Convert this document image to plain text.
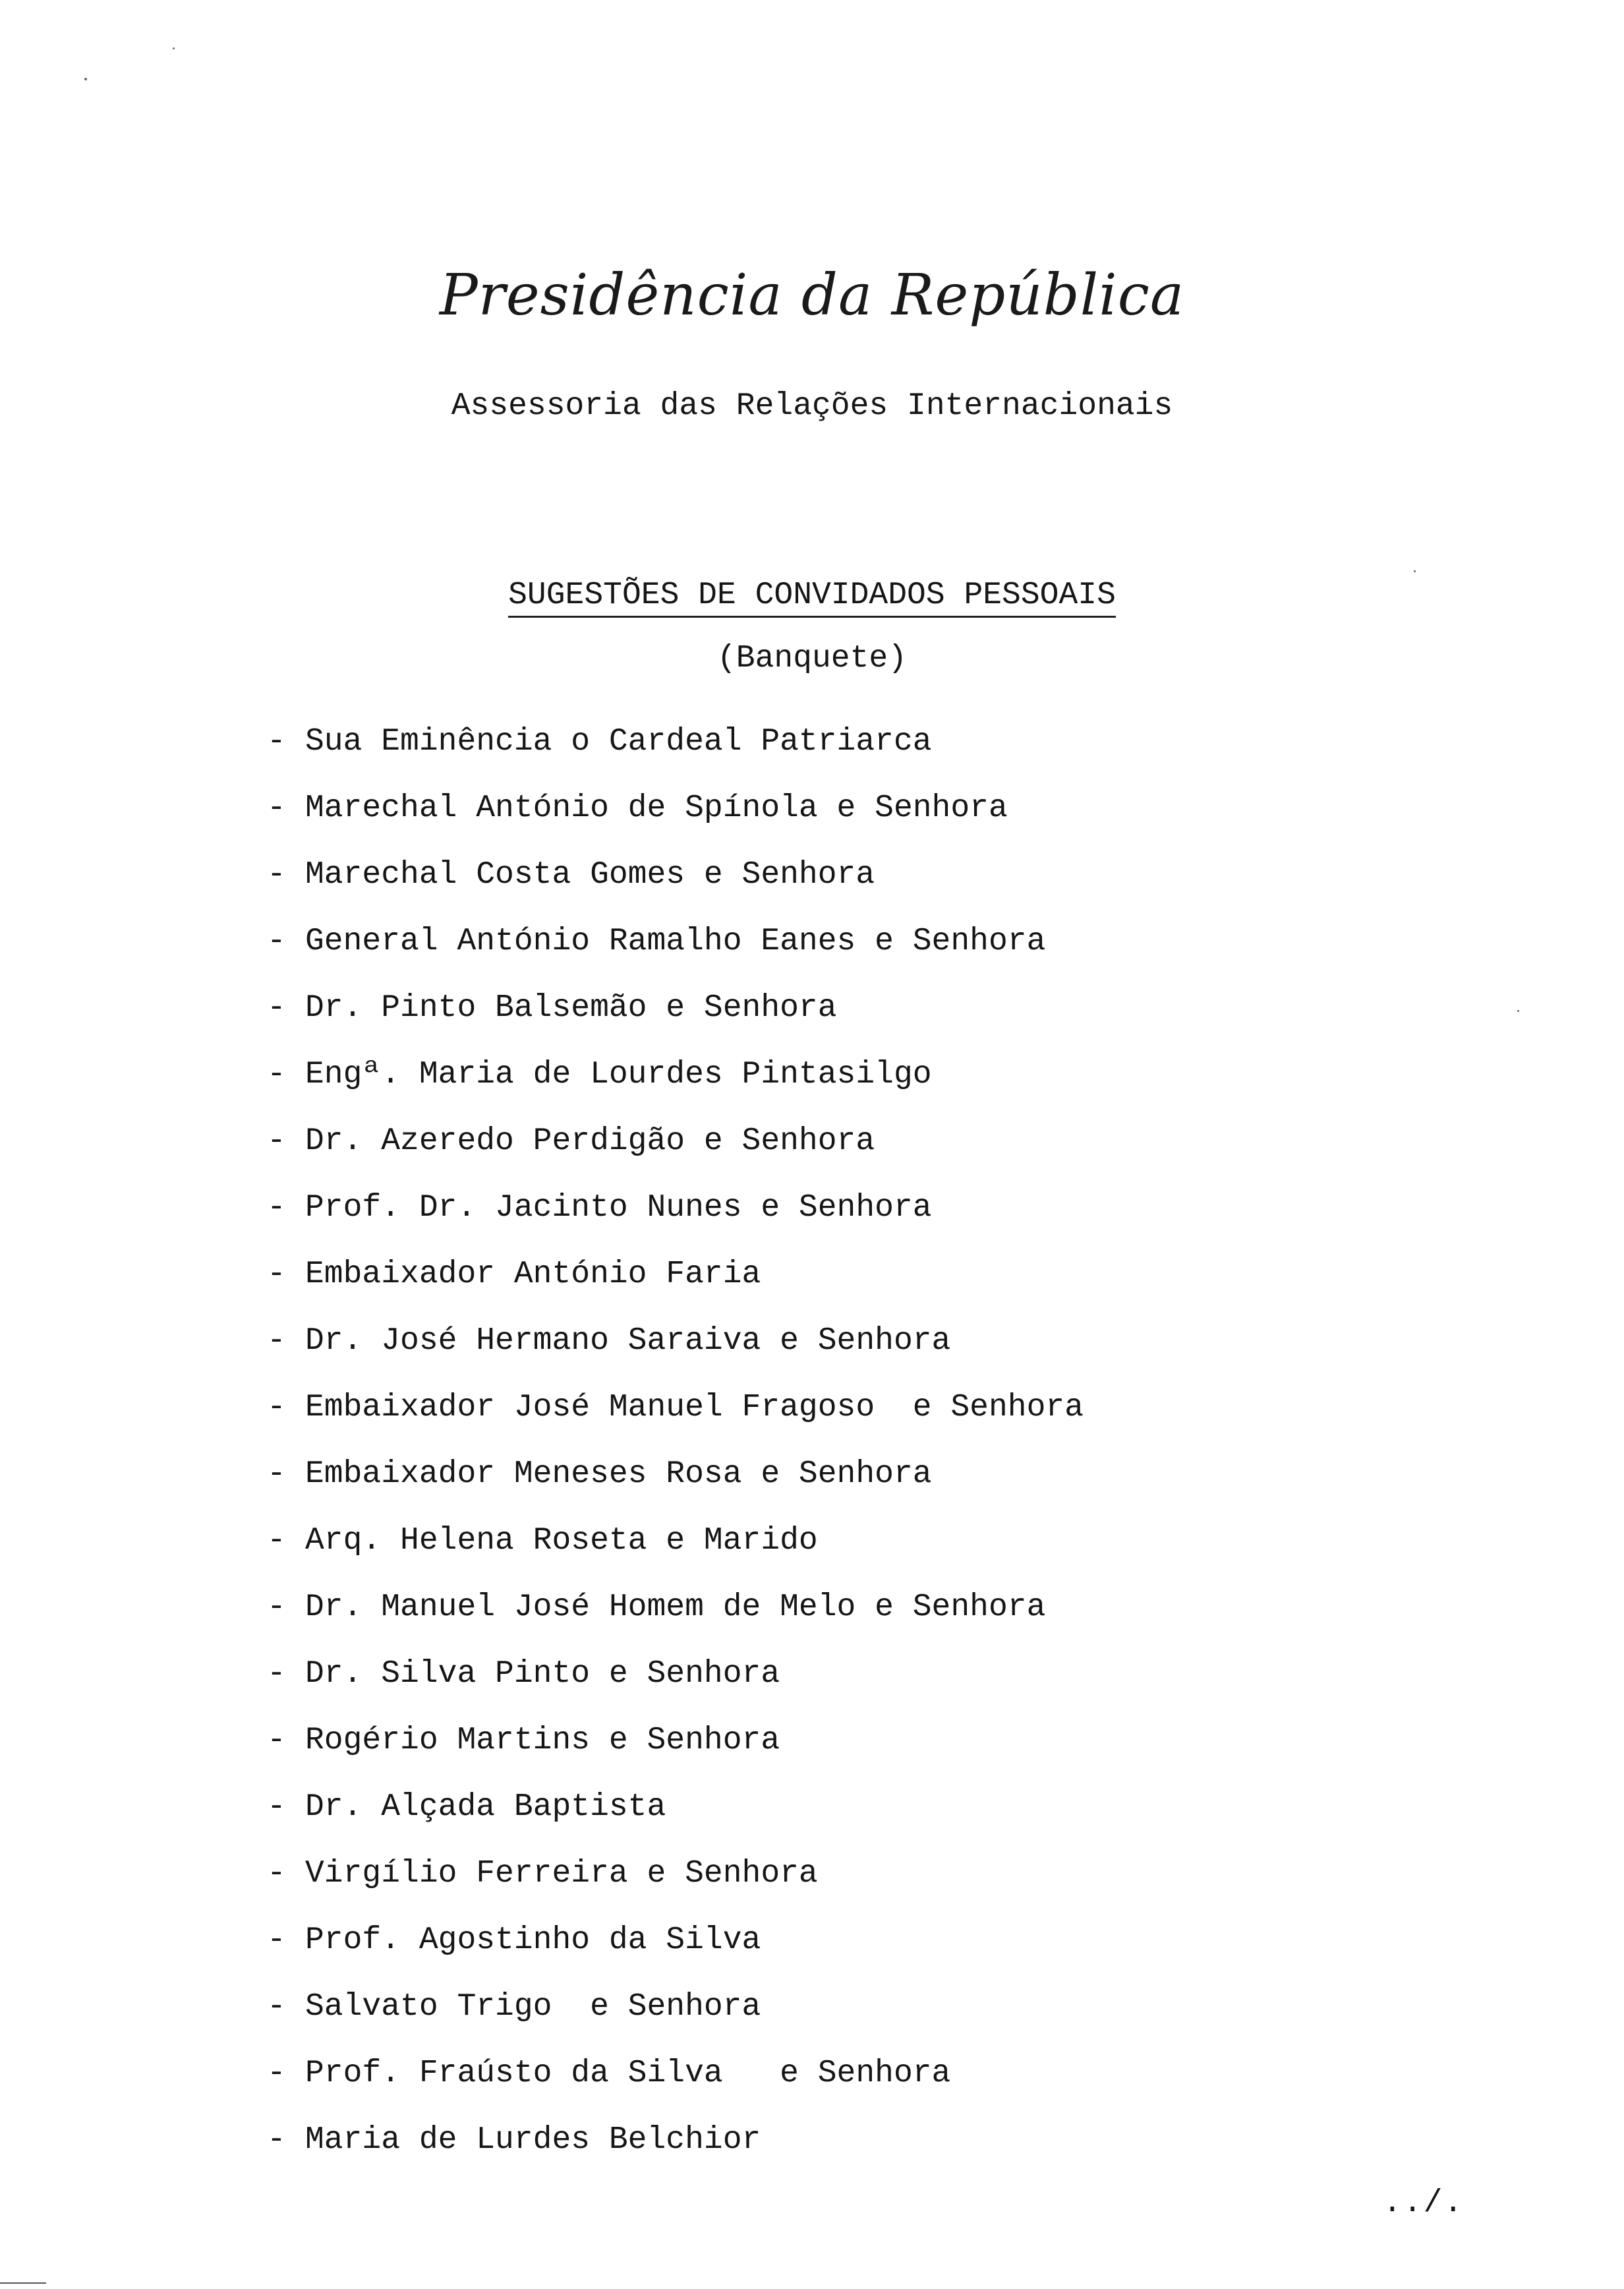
Presidência da República
Assessoria das Relações Internacionais
SUGESTÕES DE CONVIDADOS PESSOAIS
(Banquete)
- Sua Eminência o Cardeal Patriarca
- Marechal António de Spínola e Senhora
- Marechal Costa Gomes e Senhora
- General António Ramalho Eanes e Senhora
- Dr. Pinto Balsemão e Senhora
- Engª. Maria de Lourdes Pintasilgo
- Dr. Azeredo Perdigão e Senhora
- Prof. Dr. Jacinto Nunes e Senhora
- Embaixador António Faria
- Dr. José Hermano Saraiva e Senhora
- Embaixador José Manuel Fragoso  e Senhora
- Embaixador Meneses Rosa e Senhora
- Arq. Helena Roseta e Marido
- Dr. Manuel José Homem de Melo e Senhora
- Dr. Silva Pinto e Senhora
- Rogério Martins e Senhora
- Dr. Alçada Baptista
- Virgílio Ferreira e Senhora
- Prof. Agostinho da Silva
- Salvato Trigo  e Senhora
- Prof. Fraústo da Silva   e Senhora
- Maria de Lurdes Belchior
../.
